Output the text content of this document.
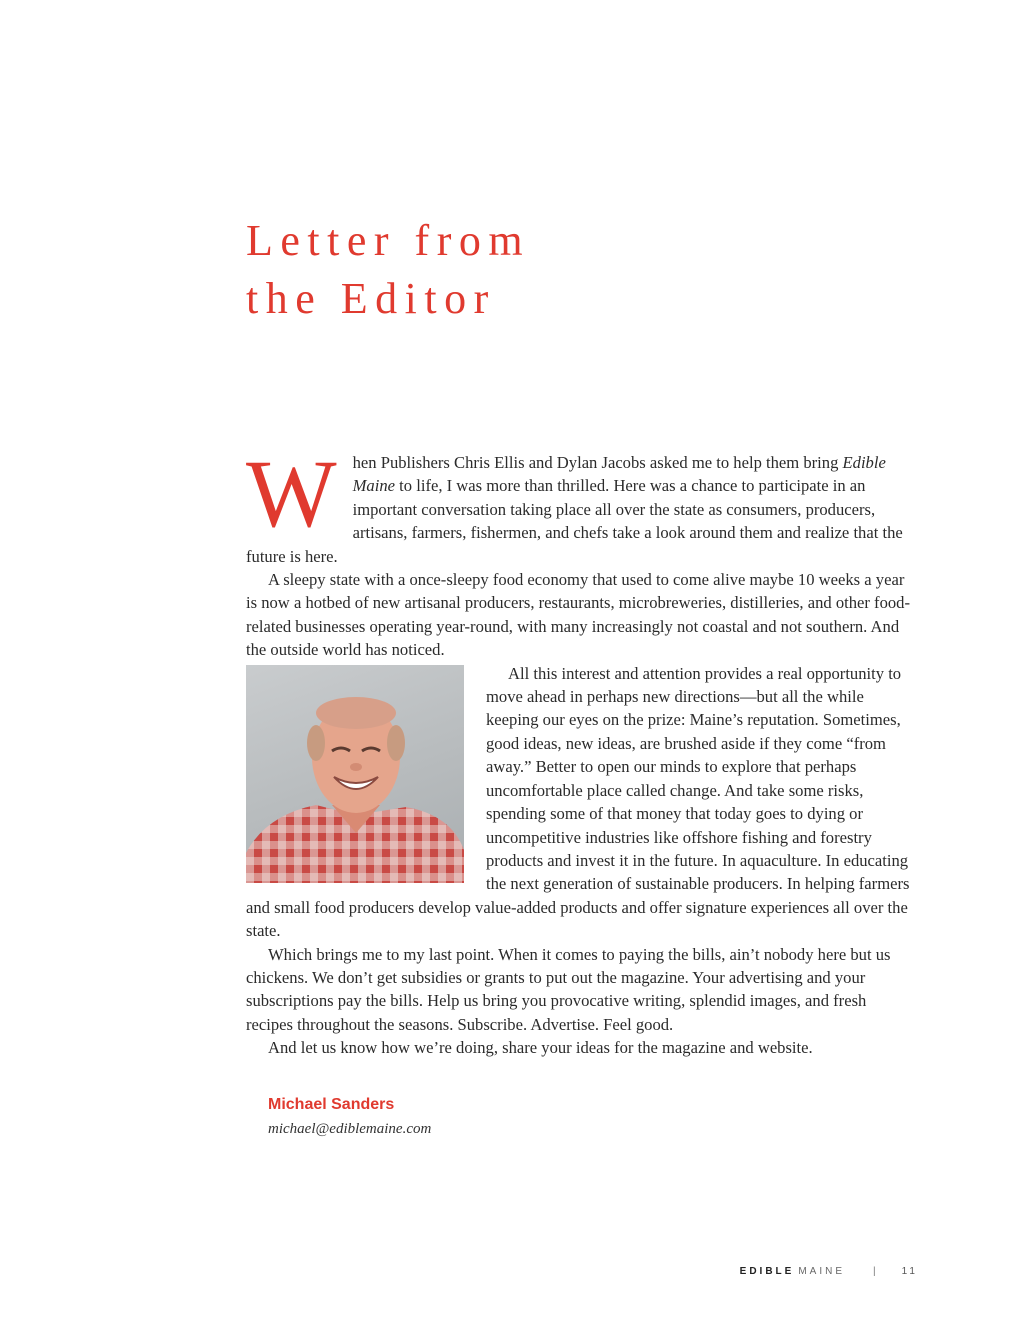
Letter from
the Editor

When Publishers Chris Ellis and Dylan Jacobs asked me to help them bring Edible Maine to life, I was more than thrilled. Here was a chance to participate in an important conversation taking place all over the state as consumers, producers, artisans, farmers, fishermen, and chefs take a look around them and realize that the future is here.

A sleepy state with a once-sleepy food economy that used to come alive maybe 10 weeks a year is now a hotbed of new artisanal producers, restaurants, microbreweries, distilleries, and other food-related businesses operating year-round, with many increasingly not coastal and not southern. And the outside world has noticed.

All this interest and attention provides a real opportunity to move ahead in perhaps new directions—but all the while keeping our eyes on the prize: Maine’s reputation. Sometimes, good ideas, new ideas, are brushed aside if they come “from away.” Better to open our minds to explore that perhaps uncomfortable place called change. And take some risks, spending some of that money that today goes to dying or uncompetitive industries like offshore fishing and forestry products and invest it in the future. In aquaculture. In educating the next generation of sustainable producers. In helping farmers and small food producers develop value-added products and offer signature experiences all over the state.

Which brings me to my last point. When it comes to paying the bills, ain’t nobody here but us chickens. We don’t get subsidies or grants to put out the magazine. Your advertising and your subscriptions pay the bills. Help us bring you provocative writing, splendid images, and fresh recipes throughout the seasons. Subscribe. Advertise. Feel good.

And let us know how we’re doing, share your ideas for the magazine and website.

Michael Sanders
michael@ediblemaine.com
EDIBLE MAINE	|	11
